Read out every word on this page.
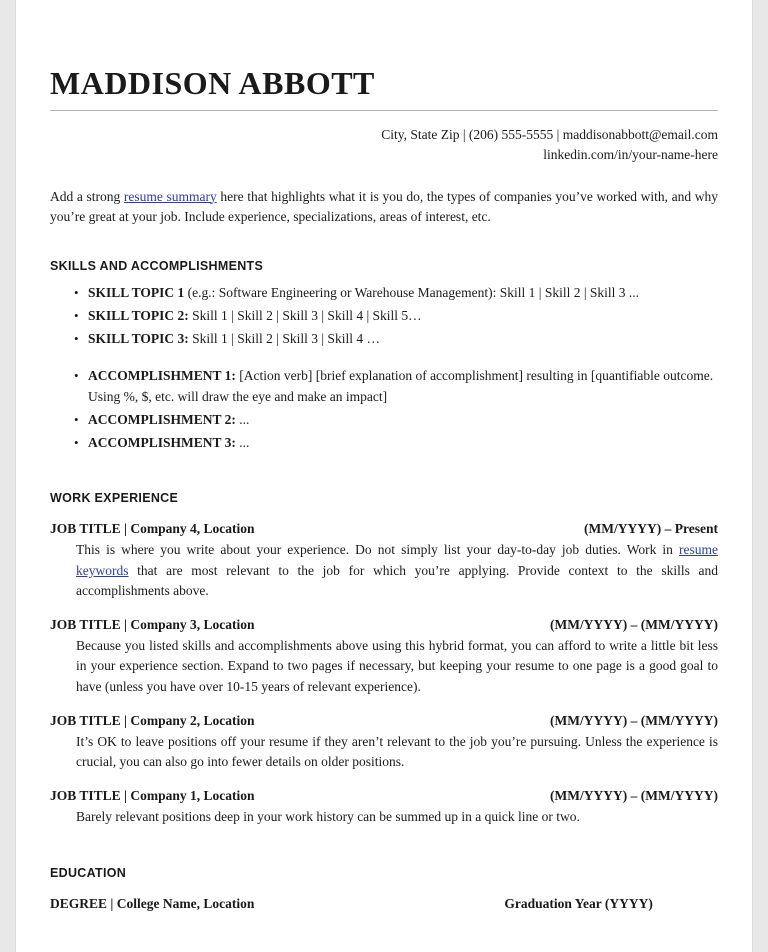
MADDISON ABBOTT
City, State Zip | (206) 555-5555 | maddisonabbott@email.com
linkedin.com/in/your-name-here

Add a strong resume summary here that highlights what it is you do, the types of companies you’ve worked with, and why you’re great at your job. Include experience, specializations, areas of interest, etc.

SKILLS AND ACCOMPLISHMENTS
• SKILL TOPIC 1 (e.g.: Software Engineering or Warehouse Management): Skill 1 | Skill 2 | Skill 3 ...
• SKILL TOPIC 2: Skill 1 | Skill 2 | Skill 3 | Skill 4 | Skill 5…
• SKILL TOPIC 3: Skill 1 | Skill 2 | Skill 3 | Skill 4 …
• ACCOMPLISHMENT 1: [Action verb] [brief explanation of accomplishment] resulting in [quantifiable outcome. Using %, $, etc. will draw the eye and make an impact]
• ACCOMPLISHMENT 2: ...
• ACCOMPLISHMENT 3: ...
WORK EXPERIENCE
JOB TITLE | Company 4, Location	(MM/YYYY) – Present
This is where you write about your experience. Do not simply list your day-to-day job duties. Work in resume keywords that are most relevant to the job for which you’re applying. Provide context to the skills and accomplishments above.
JOB TITLE | Company 3, Location	(MM/YYYY) – (MM/YYYY)
Because you listed skills and accomplishments above using this hybrid format, you can afford to write a little bit less in your experience section. Expand to two pages if necessary, but keeping your resume to one page is a good goal to have (unless you have over 10-15 years of relevant experience).
JOB TITLE | Company 2, Location	(MM/YYYY) – (MM/YYYY)
It’s OK to leave positions off your resume if they aren’t relevant to the job you’re pursuing. Unless the experience is crucial, you can also go into fewer details on older positions.
JOB TITLE | Company 1, Location	(MM/YYYY) – (MM/YYYY)
Barely relevant positions deep in your work history can be summed up in a quick line or two.
EDUCATION
DEGREE | College Name, Location	Graduation Year (YYYY)
